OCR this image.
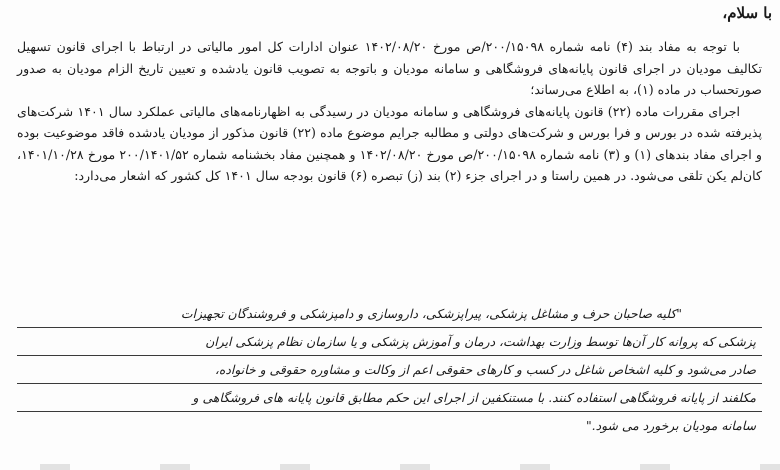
با سلام،

با توجه به مفاد بند (۴) نامه شماره ۲۰۰/۱۵۰۹۸/ص مورخ ۱۴۰۲/۰۸/۲۰ عنوان ادارات کل امور مالیاتی در ارتباط با اجرای قانون تسهیل تکالیف مودیان در اجرای قانون پایانه‌های فروشگاهی و سامانه مودیان و باتوجه به تصویب قانون یادشده و تعیین تاریخ الزام مودیان به صدور صورتحساب در ماده (۱)، به اطلاع می‌رساند؛

اجرای مقررات ماده (۲۲) قانون پایانه‌های فروشگاهی و سامانه مودیان در رسیدگی به اظهارنامه‌های مالیاتی عملکرد سال ۱۴۰۱ شرکت‌های پذیرفته شده در بورس و فرا بورس و شرکت‌های دولتی و مطالبه جرایم موضوع ماده (۲۲) قانون مذکور از مودیان یادشده فاقد موضوعیت بوده و اجرای مفاد بندهای (۱) و (۳) نامه شماره ۲۰۰/۱۵۰۹۸/ص مورخ ۱۴۰۲/۰۸/۲۰ و همچنین مفاد بخشنامه شماره ۲۰۰/۱۴۰۱/۵۲ مورخ ۱۴۰۱/۱۰/۲۸، کان‌لم یکن تلقی می‌شود. در همین راستا و در اجرای جزء (۲) بند (ز) تبصره (۶) قانون بودجه سال ۱۴۰۱ کل کشور که اشعار می‌دارد:

"کلیه صاحبان حرف و مشاغل پزشکی، پیراپزشکی، داروسازی و دامپزشکی و فروشندگان تجهیزات
پزشکی که پروانه کار آن‌ها توسط وزارت بهداشت، درمان و آموزش پزشکی و یا سازمان نظام پزشکی ایران
صادر می‌شود و کلیه اشخاص شاغل در کسب و کارهای حقوقی اعم از وکالت و مشاوره حقوقی و خانواده،
مکلفند از پایانه فروشگاهی استفاده کنند. با مستنکفین از اجرای این حکم مطابق قانون پایانه های فروشگاهی و
سامانه مودیان برخورد می شود."
